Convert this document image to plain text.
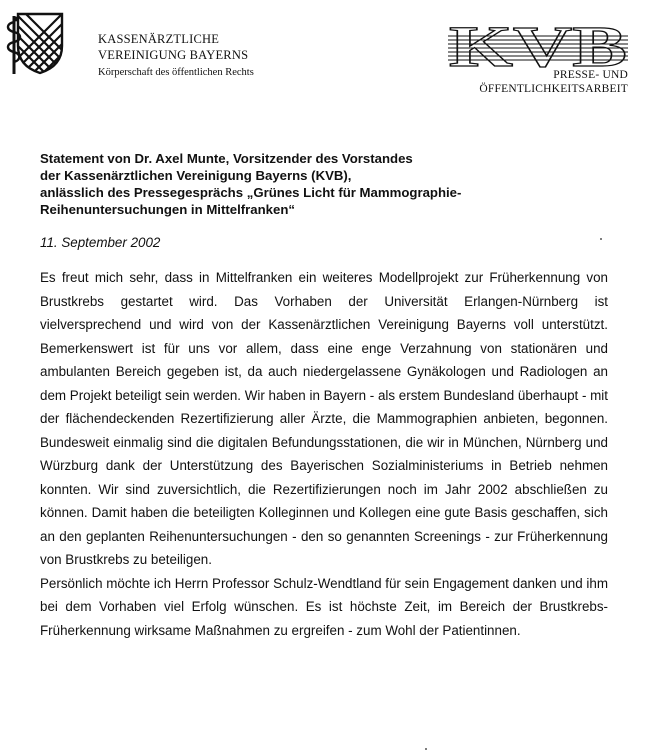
KASSENÄRZTLICHE
VEREINIGUNG BAYERNS
Körperschaft des öffentlichen Rechts	KVB
PRESSE- UND
ÖFFENTLICHKEITSARBEIT
Statement von Dr. Axel Munte, Vorsitzender des Vorstandes
der Kassenärztlichen Vereinigung Bayerns (KVB),
anlässlich des Pressegesprächs „Grünes Licht für Mammographie-
Reihenuntersuchungen in Mittelfranken“
11. September 2002

Es freut mich sehr, dass in Mittelfranken ein weiteres Modellprojekt zur Früherkennung von Brustkrebs gestartet wird. Das Vorhaben der Universität Erlangen-Nürnberg ist vielversprechend und wird von der Kassenärztlichen Vereinigung Bayerns voll unterstützt. Bemerkenswert ist für uns vor allem, dass eine enge Verzahnung von stationären und ambulanten Bereich gegeben ist, da auch niedergelassene Gynäkologen und Radiologen an dem Projekt beteiligt sein werden. Wir haben in Bayern - als erstem Bundesland überhaupt - mit der flächendeckenden Rezertifizierung aller Ärzte, die Mammographien anbieten, begonnen. Bundesweit einmalig sind die digitalen Befundungsstationen, die wir in München, Nürnberg und Würzburg dank der Unterstützung des Bayerischen Sozialministeriums in Betrieb nehmen konnten. Wir sind zuversichtlich, die Rezertifizierungen noch im Jahr 2002 abschließen zu können. Damit haben die beteiligten Kolleginnen und Kollegen eine gute Basis geschaffen, sich an den geplanten Reihenuntersuchungen - den so genannten Screenings - zur Früherkennung von Brustkrebs zu beteiligen.

Persönlich möchte ich Herrn Professor Schulz-Wendtland für sein Engagement danken und ihm bei dem Vorhaben viel Erfolg wünschen. Es ist höchste Zeit, im Bereich der Brustkrebs-Früherkennung wirksame Maßnahmen zu ergreifen - zum Wohl der Patientinnen.
